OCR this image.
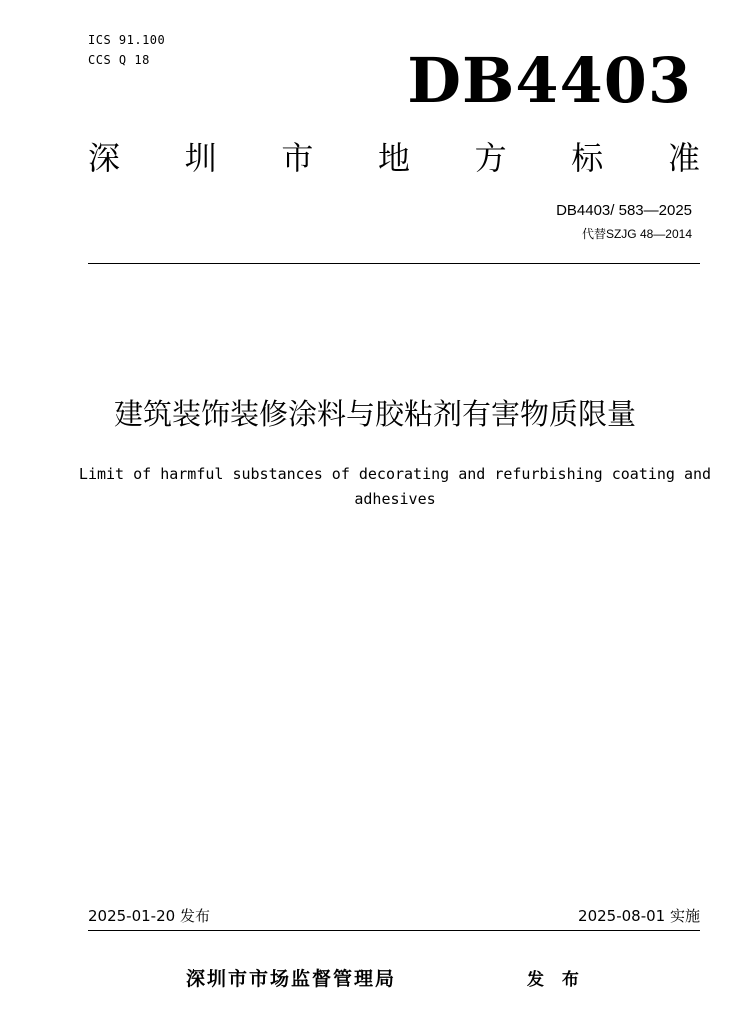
ICS 91.100
CCS Q 18	DB4403
深 圳 市 地 方 标 准
DB4403/ 583—2025
代替SZJG 48—2014
建筑装饰装修涂料与胶粘剂有害物质限量
Limit of harmful substances of decorating and refurbishing coating and adhesives
2025-01-20 发布	2025-08-01 实施
深圳市市场监督管理局	发 布
